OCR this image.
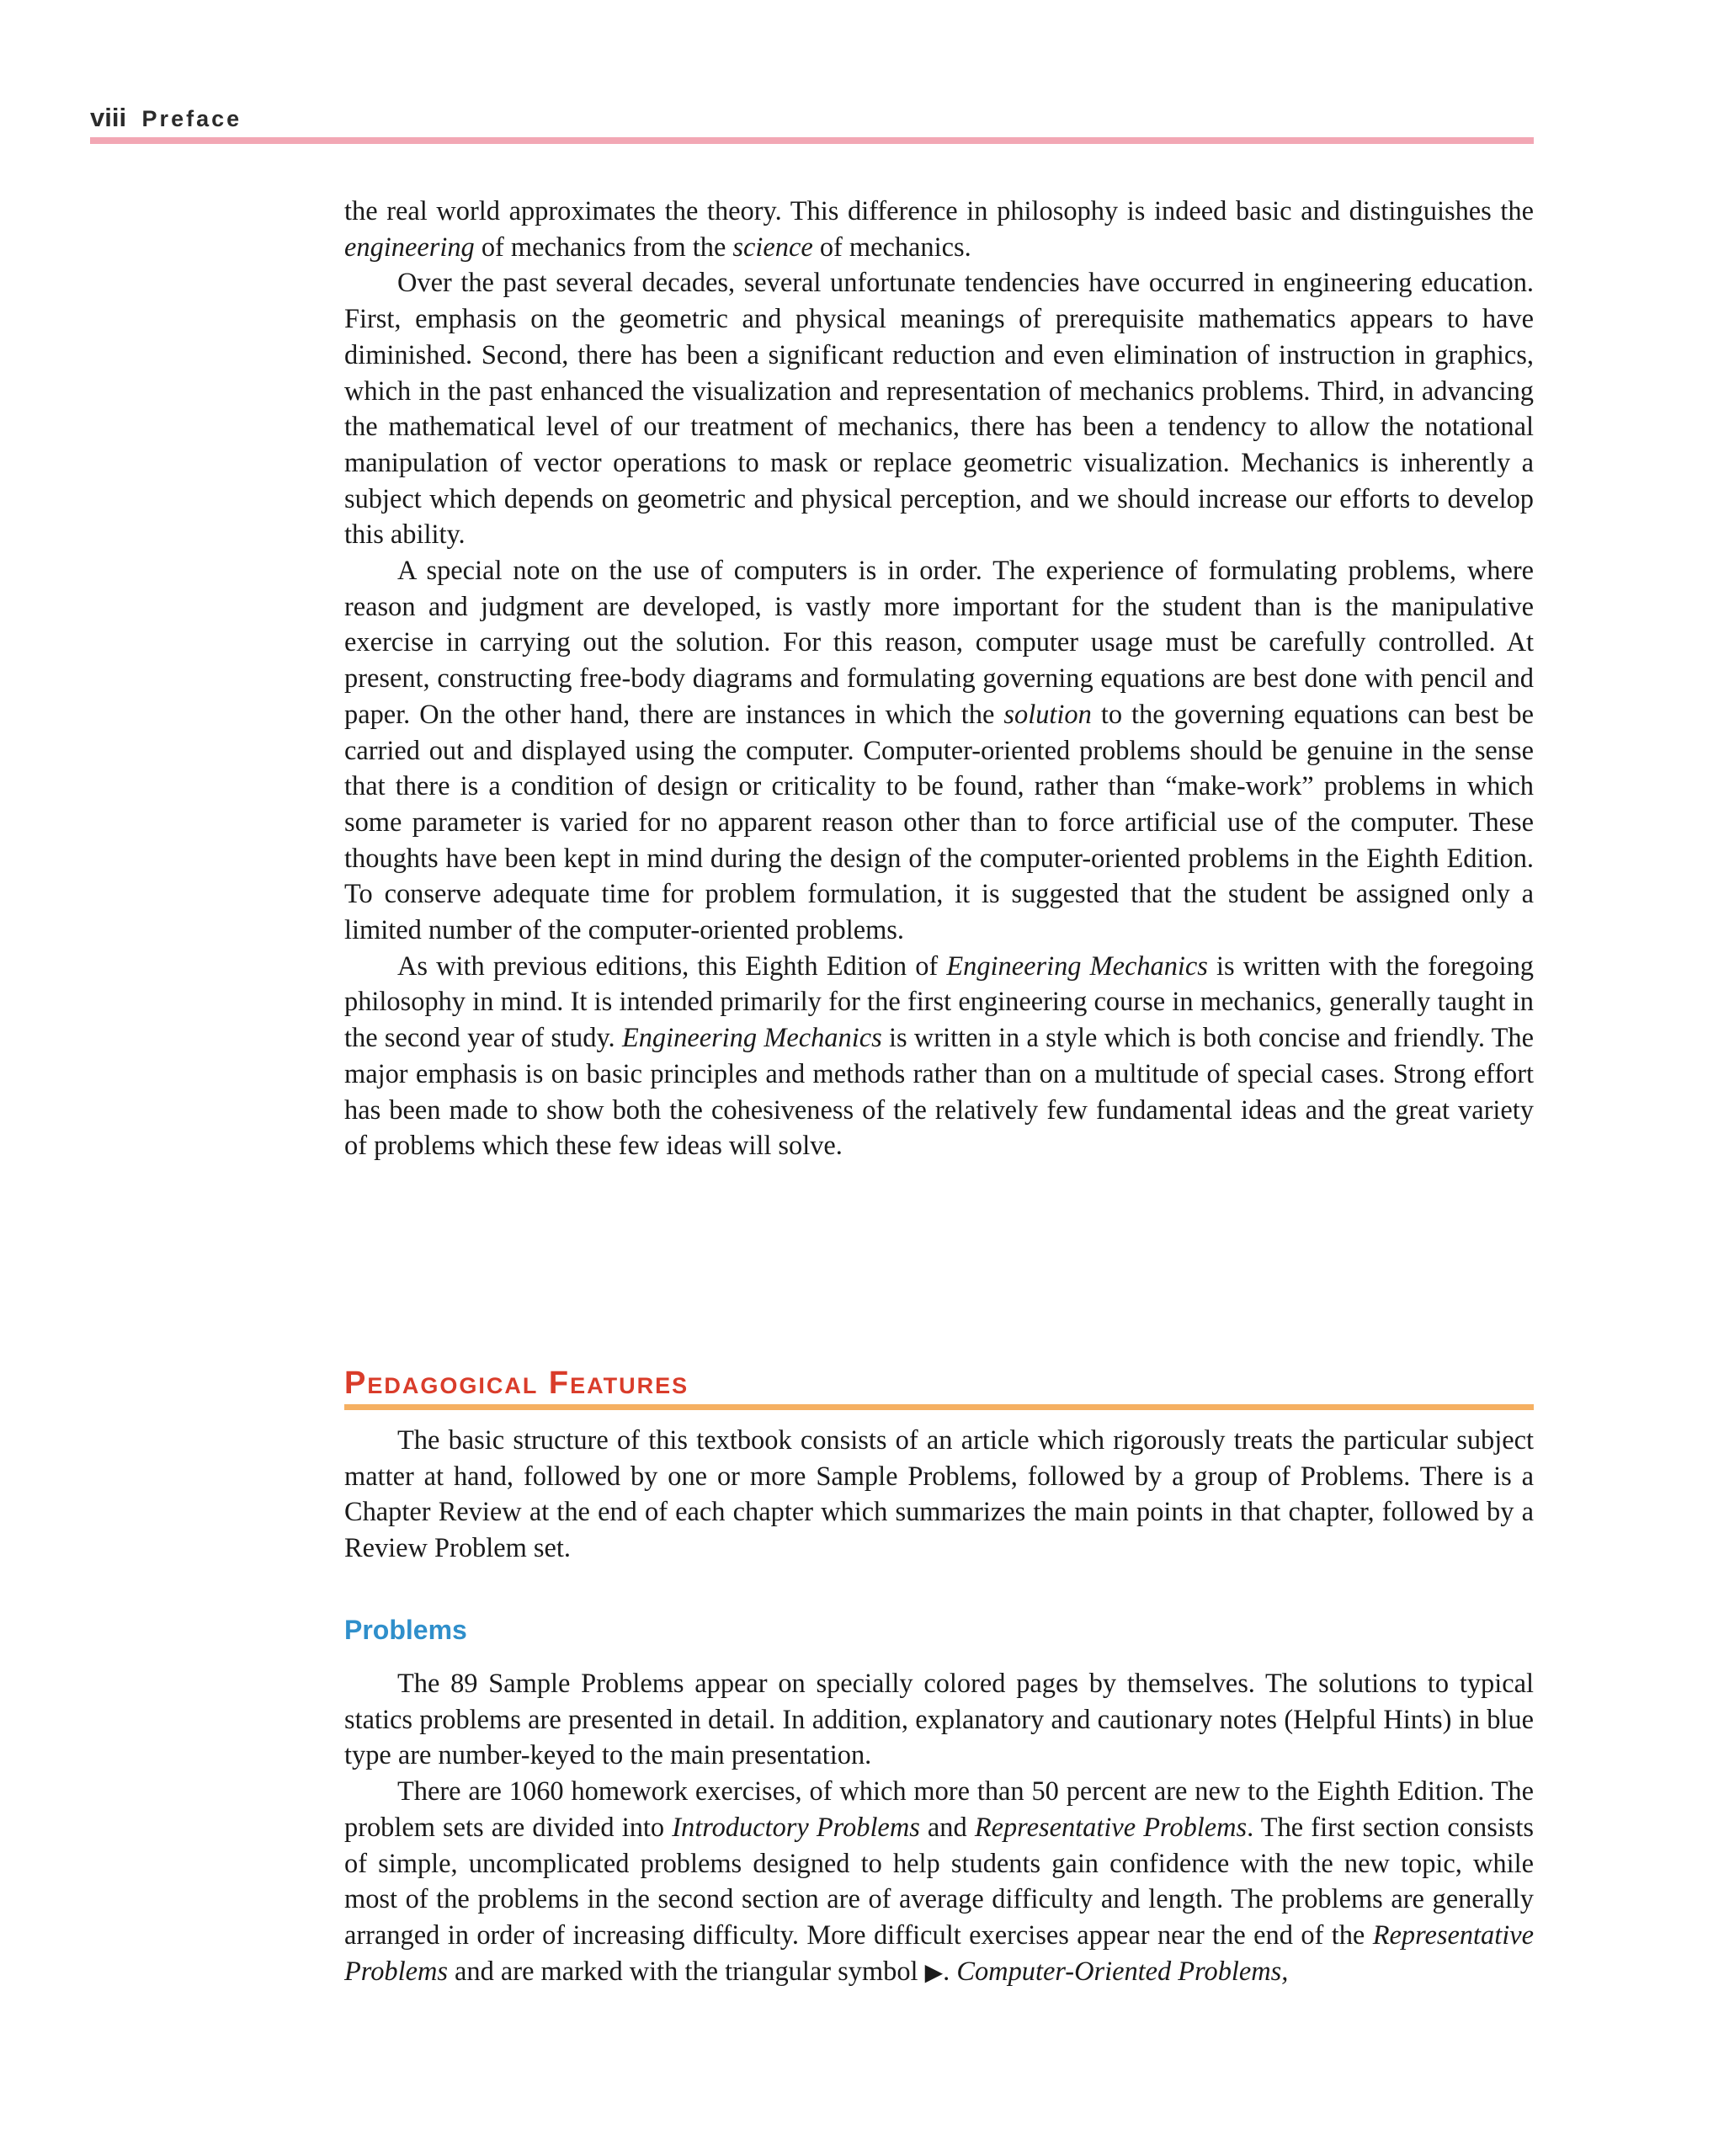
viii Preface

the real world approximates the theory. This difference in philosophy is indeed basic and distinguishes the engineering of mechanics from the science of mechanics.

Over the past several decades, several unfortunate tendencies have occurred in engineering education. First, emphasis on the geometric and physical meanings of prerequisite mathematics appears to have diminished. Second, there has been a significant reduction and even elimination of instruction in graphics, which in the past enhanced the visualization and representation of mechanics problems. Third, in advancing the mathematical level of our treatment of mechanics, there has been a tendency to allow the notational manipulation of vector operations to mask or replace geometric visualization. Mechanics is inherently a subject which depends on geometric and physical perception, and we should increase our efforts to develop this ability.

A special note on the use of computers is in order. The experience of formulating problems, where reason and judgment are developed, is vastly more important for the student than is the manipulative exercise in carrying out the solution. For this reason, computer usage must be carefully controlled. At present, constructing free-body diagrams and formulating governing equations are best done with pencil and paper. On the other hand, there are instances in which the solution to the governing equations can best be carried out and displayed using the computer. Computer-oriented problems should be genuine in the sense that there is a condition of design or criticality to be found, rather than “make-work” problems in which some parameter is varied for no apparent reason other than to force artificial use of the computer. These thoughts have been kept in mind during the design of the computer-oriented problems in the Eighth Edition. To conserve adequate time for problem formulation, it is suggested that the student be assigned only a limited number of the computer-oriented problems.

As with previous editions, this Eighth Edition of Engineering Mechanics is written with the foregoing philosophy in mind. It is intended primarily for the first engineering course in mechanics, generally taught in the second year of study. Engineering Mechanics is written in a style which is both concise and friendly. The major emphasis is on basic principles and methods rather than on a multitude of special cases. Strong effort has been made to show both the cohesiveness of the relatively few fundamental ideas and the great variety of problems which these few ideas will solve.

Pedagogical Features

The basic structure of this textbook consists of an article which rigorously treats the particular subject matter at hand, followed by one or more Sample Problems, followed by a group of Problems. There is a Chapter Review at the end of each chapter which summarizes the main points in that chapter, followed by a Review Problem set.

Problems

The 89 Sample Problems appear on specially colored pages by themselves. The solutions to typical statics problems are presented in detail. In addition, explanatory and cautionary notes (Helpful Hints) in blue type are number-keyed to the main presentation.

There are 1060 homework exercises, of which more than 50 percent are new to the Eighth Edition. The problem sets are divided into Introductory Problems and Representative Problems. The first section consists of simple, uncomplicated problems designed to help students gain confidence with the new topic, while most of the problems in the second section are of average difficulty and length. The problems are generally arranged in order of increasing difficulty. More difficult exercises appear near the end of the Representative Problems and are marked with the triangular symbol ▶. Computer-Oriented Problems,
